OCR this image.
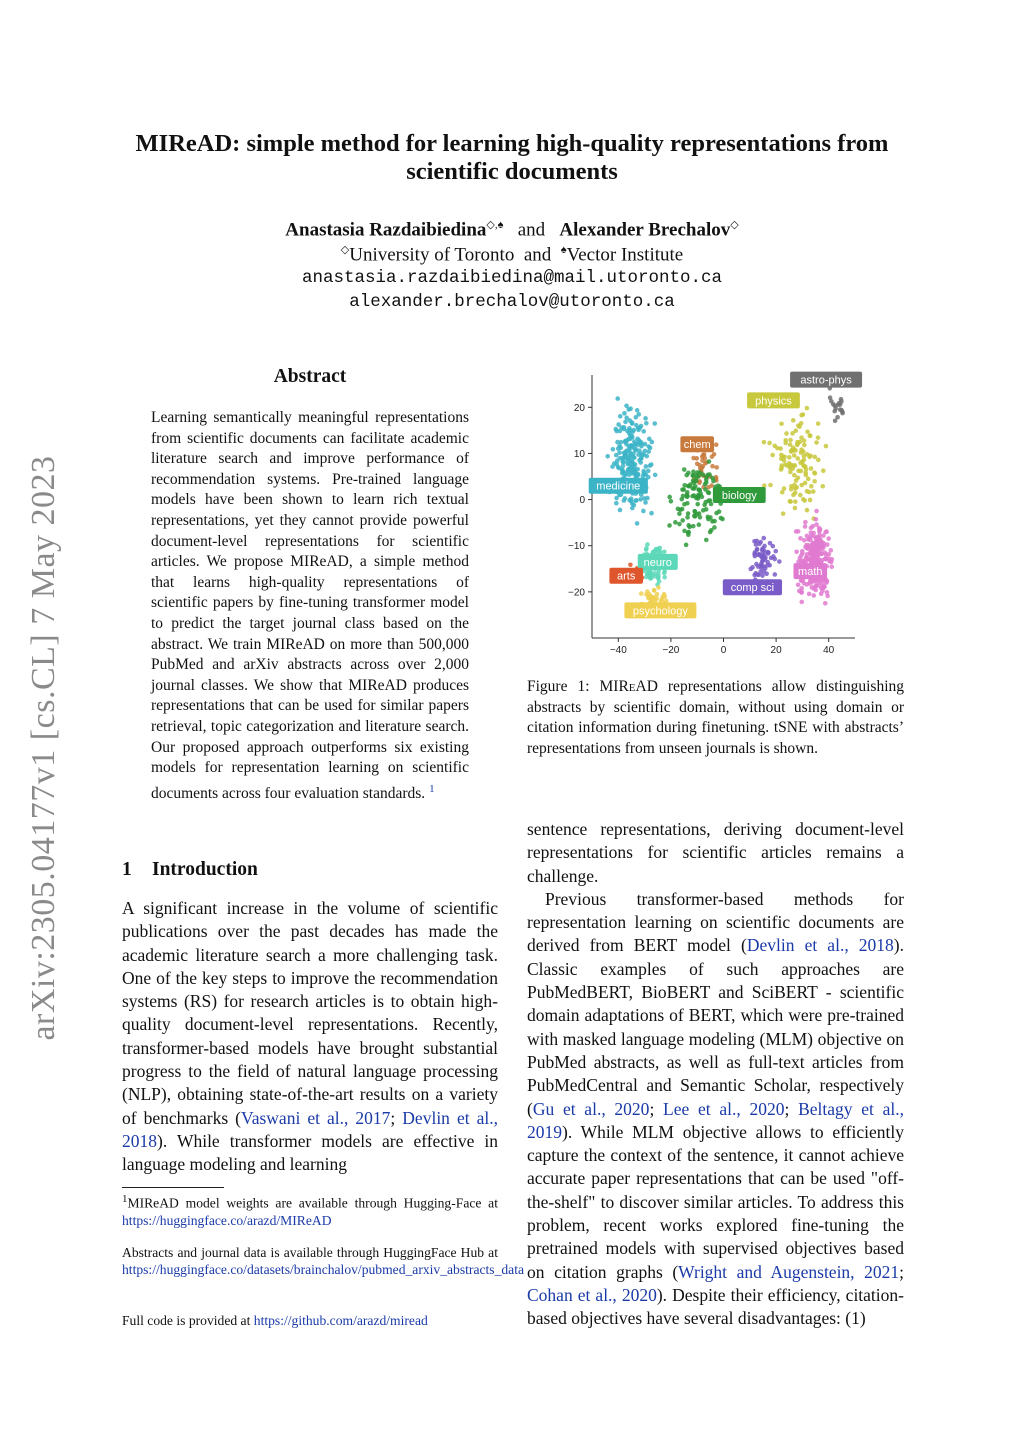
arXiv:2305.04177v1 [cs.CL] 7 May 2023
MIReAD: simple method for learning high-quality representations from scientific documents
Anastasia Razdaibiedina◇,♠ and Alexander Brechalov◇
◇University of Toronto and ♠Vector Institute
anastasia.razdaibiedina@mail.utoronto.ca
alexander.brechalov@utoronto.ca
Abstract
Learning semantically meaningful representations from scientific documents can facilitate academic literature search and improve performance of recommendation systems. Pre-trained language models have been shown to learn rich textual representations, yet they cannot provide powerful document-level representations for scientific articles. We propose MIReAD, a simple method that learns high-quality representations of scientific papers by fine-tuning transformer model to predict the target journal class based on the abstract. We train MIReAD on more than 500,000 PubMed and arXiv abstracts across over 2,000 journal classes. We show that MIReAD produces representations that can be used for similar papers retrieval, topic categorization and literature search. Our proposed approach outperforms six existing models for representation learning on scientific documents across four evaluation standards. $^1$
1 Introduction
A significant increase in the volume of scientific publications over the past decades has made the academic literature search a more challenging task. One of the key steps to improve the recommendation systems (RS) for research articles is to obtain high-quality document-level representations. Recently, transformer-based models have brought substantial progress to the field of natural language processing (NLP), obtaining state-of-the-art results on a variety of benchmarks (Vaswani et al., 2017; Devlin et al., 2018). While transformer models are effective in language modeling and learning
−40	−20	0	20	40
20
10
0
−10
−20
astro-phys
physics
chem
medicine
biology
neuro
arts
comp sci
math
psychology
Figure 1: MIReAD representations allow distinguishing abstracts by scientific domain, without using domain or citation information during finetuning. tSNE with abstracts’ representations from unseen journals is shown.

sentence representations, deriving document-level representations for scientific articles remains a challenge.

Previous transformer-based methods for representation learning on scientific documents are derived from BERT model (Devlin et al., 2018). Classic examples of such approaches are PubMedBERT, BioBERT and SciBERT - scientific domain adaptations of BERT, which were pre-trained with masked language modeling (MLM) objective on PubMed abstracts, as well as full-text articles from PubMedCentral and Semantic Scholar, respectively (Gu et al., 2020; Lee et al., 2020; Beltagy et al., 2019). While MLM objective allows to efficiently capture the context of the sentence, it cannot achieve accurate paper representations that can be used "off-the-shelf" to discover similar articles. To address this problem, recent works explored fine-tuning the pretrained models with supervised objectives based on citation graphs (Wright and Augenstein, 2021; Cohan et al., 2020). Despite their efficiency, citation-based objectives have several disadvantages: (1)

$^1$MIReAD model weights are available through Hugging-Face at https://huggingface.co/arazd/MIReAD
Abstracts and journal data is available through HuggingFace Hub at https://huggingface.co/datasets/brainchalov/pubmed_arxiv_abstracts_data
Full code is provided at https://github.com/arazd/miread
